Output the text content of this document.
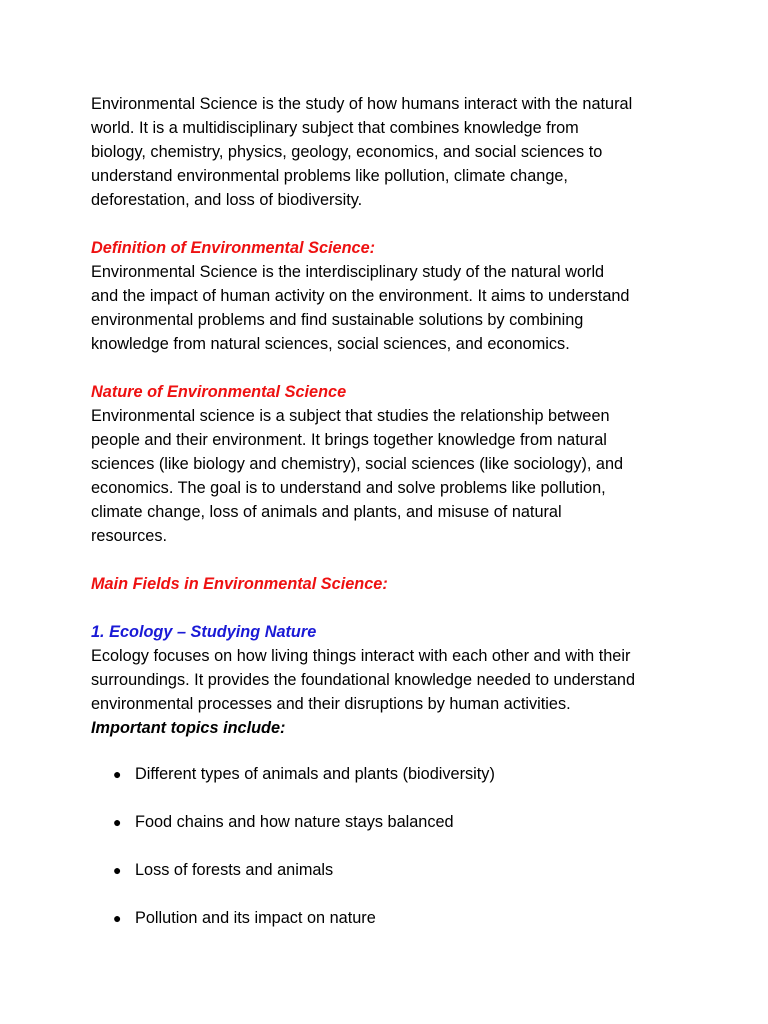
Environmental Science is the study of how humans interact with the natural
world. It is a multidisciplinary subject that combines knowledge from
biology, chemistry, physics, geology, economics, and social sciences to
understand environmental problems like pollution, climate change,
deforestation, and loss of biodiversity.

Definition of Environmental Science:

Environmental Science is the interdisciplinary study of the natural world
and the impact of human activity on the environment. It aims to understand
environmental problems and find sustainable solutions by combining
knowledge from natural sciences, social sciences, and economics.

Nature of Environmental Science

Environmental science is a subject that studies the relationship between
people and their environment. It brings together knowledge from natural
sciences (like biology and chemistry), social sciences (like sociology), and
economics. The goal is to understand and solve problems like pollution,
climate change, loss of animals and plants, and misuse of natural
resources.

Main Fields in Environmental Science:

1. Ecology – Studying Nature

Ecology focuses on how living things interact with each other and with their
surroundings. It provides the foundational knowledge needed to understand
environmental processes and their disruptions by human activities.

Important topics include:

● Different types of animals and plants (biodiversity)
● Food chains and how nature stays balanced
● Loss of forests and animals
● Pollution and its impact on nature
